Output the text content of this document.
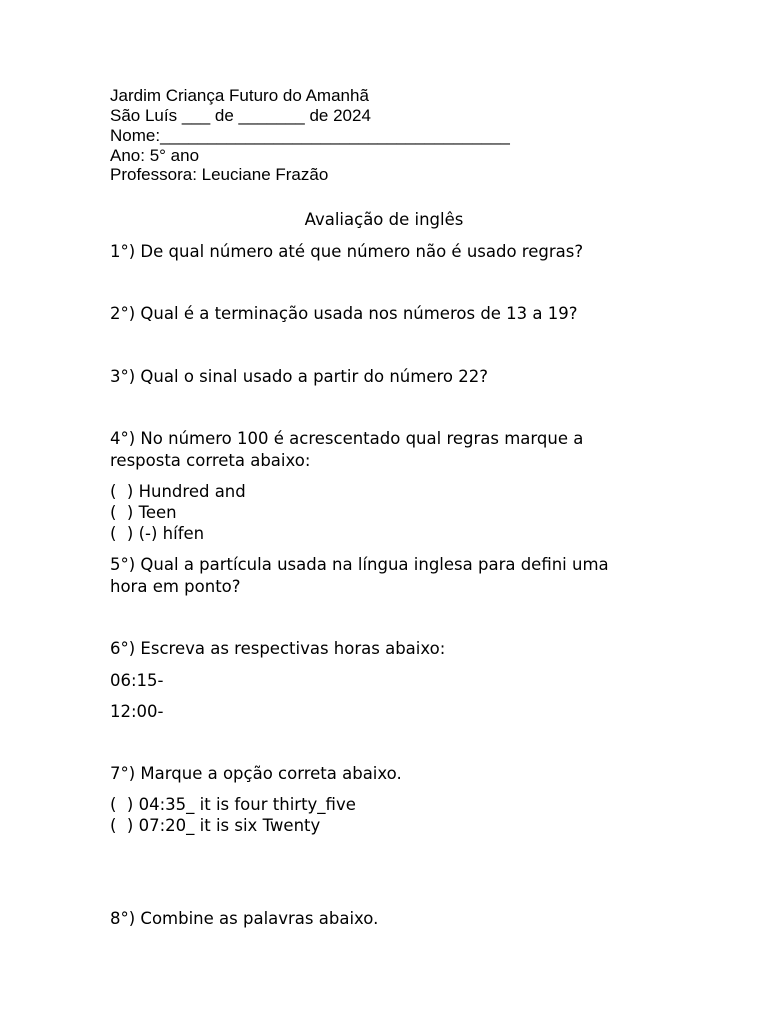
Jardim Criança Futuro do Amanhã
São Luís ___ de _______ de 2024
Nome:_____________________________________
Ano: 5° ano
Professora: Leuciane Frazão
Avaliação de inglês
1°) De qual número até que número não é usado regras?
2°) Qual é a terminação usada nos números de 13 a 19?
3°) Qual o sinal usado a partir do número 22?
4°) No número 100 é acrescentado qual regras marque a
resposta correta abaixo:
(  ) Hundred and
(  ) Teen
(  ) (-) hífen
5°) Qual a partícula usada na língua inglesa para defini uma
hora em ponto?
6°) Escreva as respectivas horas abaixo:
06:15-
12:00-
7°) Marque a opção correta abaixo.
(  ) 04:35_ it is four thirty_five
(  ) 07:20_ it is six Twenty
8°) Combine as palavras abaixo.
